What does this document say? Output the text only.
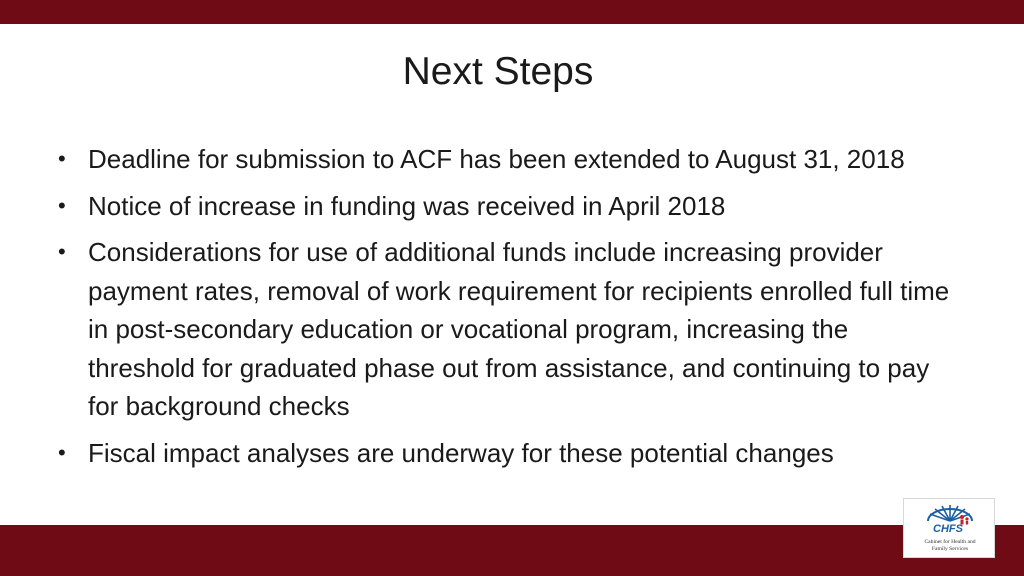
Next Steps
• Deadline for submission to ACF has been extended to August 31, 2018
• Notice of increase in funding was received in April 2018
• Considerations for use of additional funds include increasing provider payment rates, removal of work requirement for recipients enrolled full time in post-secondary education or vocational program, increasing the threshold for graduated phase out from assistance, and continuing to pay for background checks
• Fiscal impact analyses are underway for these potential changes
CHFS
Cabinet for Health and
Family Services
